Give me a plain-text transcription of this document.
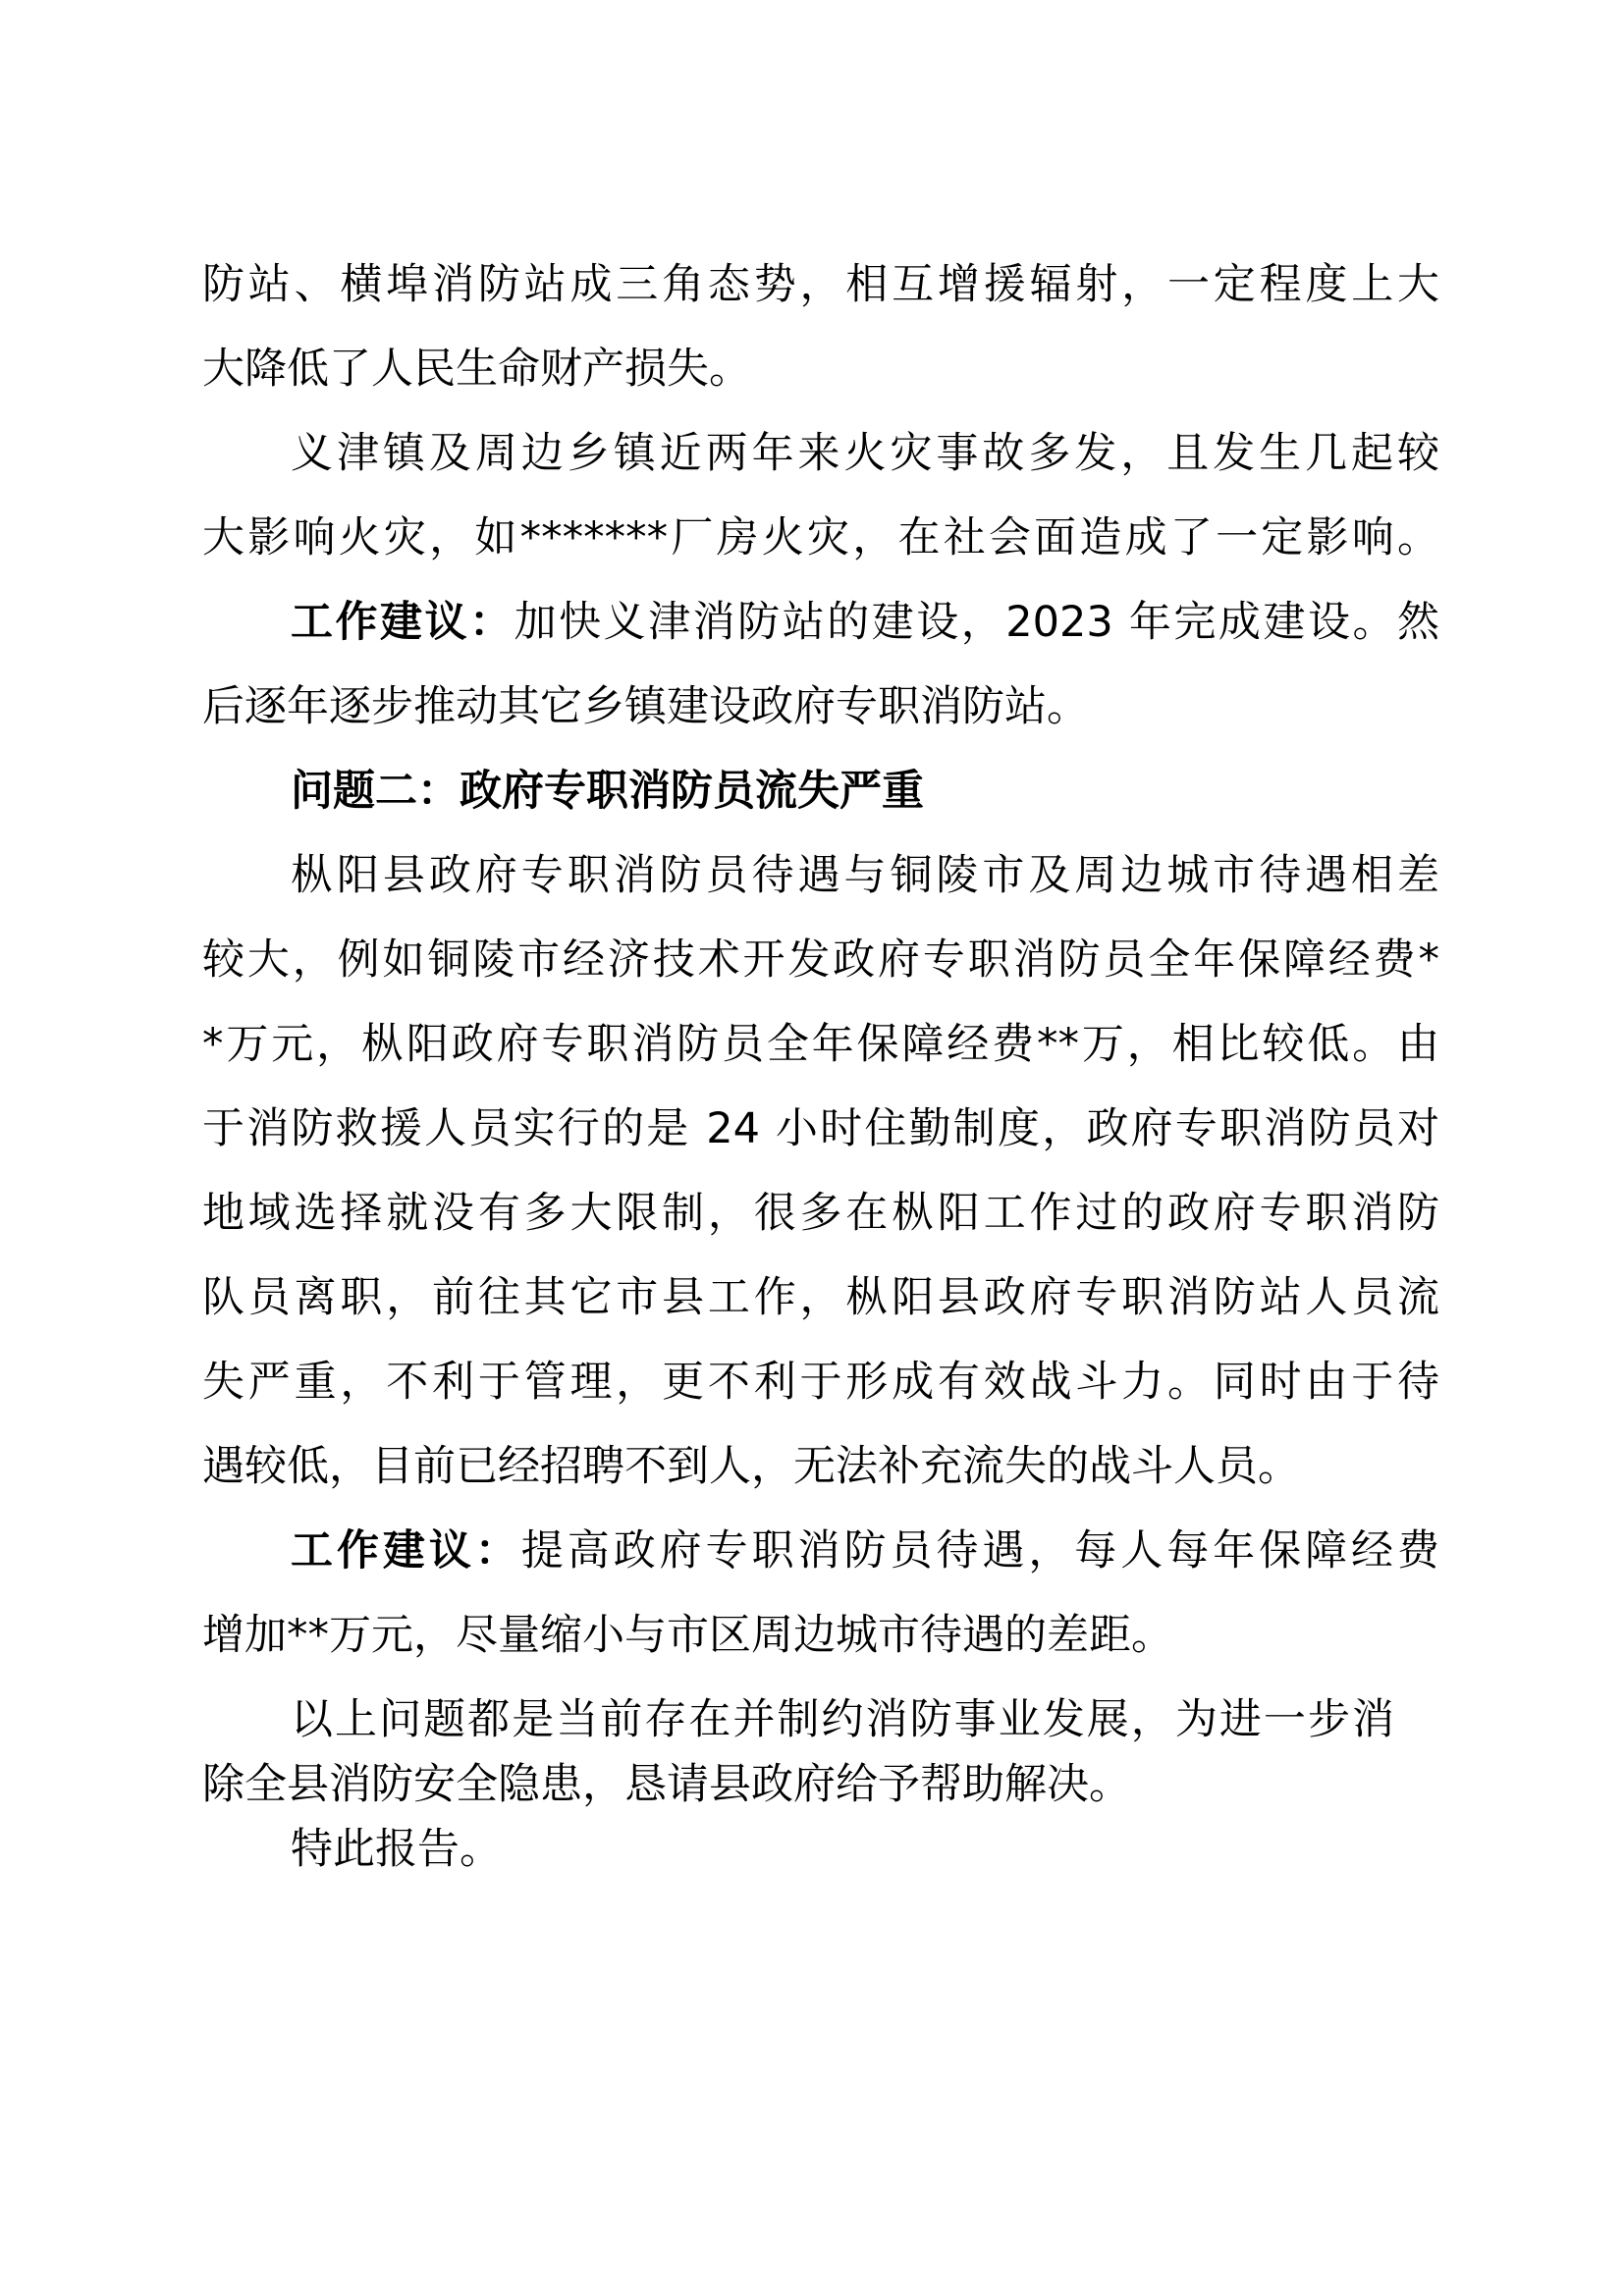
防站、横埠消防站成三角态势，相互增援辐射，一定程度上大
大降低了人民生命财产损失。
义津镇及周边乡镇近两年来火灾事故多发，且发生几起较
大影响火灾，如*******厂房火灾，在社会面造成了一定影响。
工作建议：加快义津消防站的建设，2023 年完成建设。然
后逐年逐步推动其它乡镇建设政府专职消防站。
问题二：政府专职消防员流失严重
枞阳县政府专职消防员待遇与铜陵市及周边城市待遇相差
较大，例如铜陵市经济技术开发政府专职消防员全年保障经费*
*万元，枞阳政府专职消防员全年保障经费**万，相比较低。由
于消防救援人员实行的是 24 小时住勤制度，政府专职消防员对
地域选择就没有多大限制，很多在枞阳工作过的政府专职消防
队员离职，前往其它市县工作，枞阳县政府专职消防站人员流
失严重，不利于管理，更不利于形成有效战斗力。同时由于待
遇较低，目前已经招聘不到人，无法补充流失的战斗人员。
工作建议：提高政府专职消防员待遇，每人每年保障经费
增加**万元，尽量缩小与市区周边城市待遇的差距。
以上问题都是当前存在并制约消防事业发展，为进一步消
除全县消防安全隐患，恳请县政府给予帮助解决。
特此报告。
